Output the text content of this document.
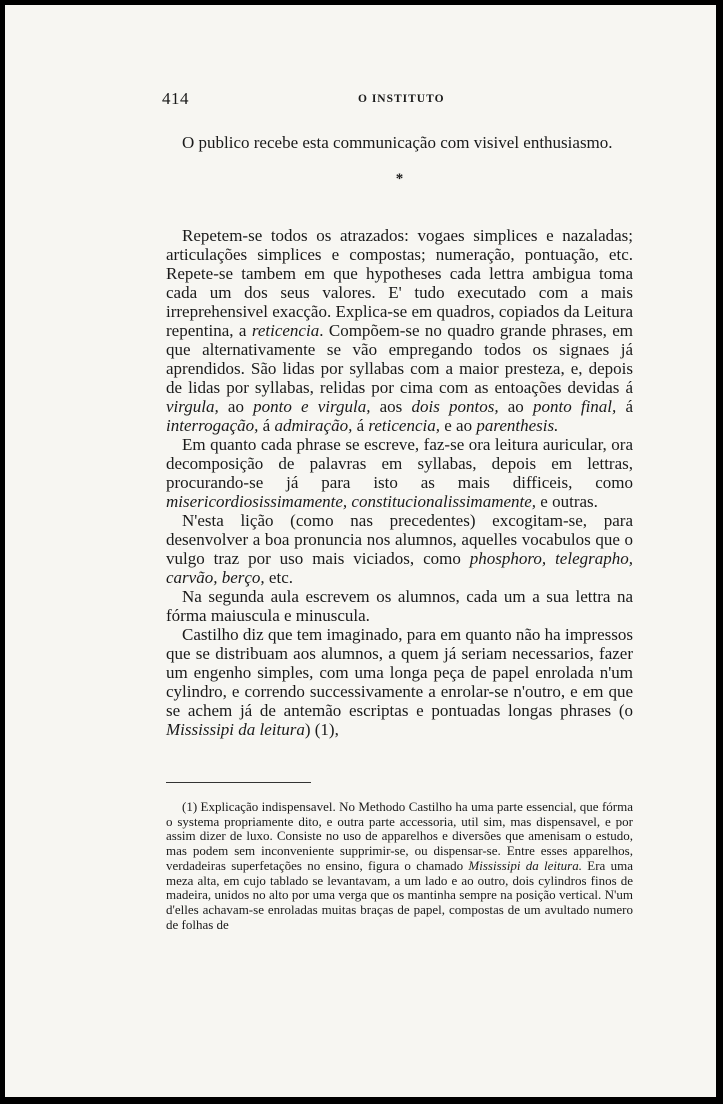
414	O INSTITUTO

O publico recebe esta communicação com visivel enthusiasmo.

*

Repetem-se todos os atrazados: vogaes simplices e nazaladas; articulações simplices e compostas; numeração, pontuação, etc. Repete-se tambem em que hypotheses cada lettra ambigua toma cada um dos seus valores. E' tudo executado com a mais irreprehensivel exacção. Explica-se em quadros, copiados da Leitura repentina, a reticencia. Compõem-se no quadro grande phrases, em que alternativamente se vão empregando todos os signaes já aprendidos. São lidas por syllabas com a maior presteza, e, depois de lidas por syllabas, relidas por cima com as entoações devidas á virgula, ao ponto e virgula, aos dois pontos, ao ponto final, á interrogação, á admiração, á reticencia, e ao parenthesis.

Em quanto cada phrase se escreve, faz-se ora leitura auricular, ora decomposição de palavras em syllabas, depois em lettras, procurando-se já para isto as mais difficeis, como misericordiosissimamente, constitucionalissimamente, e outras.

N'esta lição (como nas precedentes) excogitam-se, para desenvolver a boa pronuncia nos alumnos, aquelles vocabulos que o vulgo traz por uso mais viciados, como phosphoro, telegrapho, carvão, berço, etc.

Na segunda aula escrevem os alumnos, cada um a sua lettra na fórma maiuscula e minuscula.

Castilho diz que tem imaginado, para em quanto não ha impressos que se distribuam aos alumnos, a quem já seriam necessarios, fazer um engenho simples, com uma longa peça de papel enrolada n'um cylindro, e correndo successivamente a enrolar-se n'outro, e em que se achem já de antemão escriptas e pontuadas longas phrases (o Mississipi da leitura) (1),

(1) Explicação indispensavel. No Methodo Castilho ha uma parte essencial, que fórma o systema propriamente dito, e outra parte accessoria, util sim, mas dispensavel, e por assim dizer de luxo. Consiste no uso de apparelhos e diversões que amenisam o estudo, mas podem sem inconveniente supprimir-se, ou dispensar-se. Entre esses apparelhos, verdadeiras superfetações no ensino, figura o chamado Mississipi da leitura. Era uma meza alta, em cujo tablado se levantavam, a um lado e ao outro, dois cylindros finos de madeira, unidos no alto por uma verga que os mantinha sempre na posição vertical. N'um d'elles achavam-se enroladas muitas braças de papel, compostas de um avultado numero de folhas de
